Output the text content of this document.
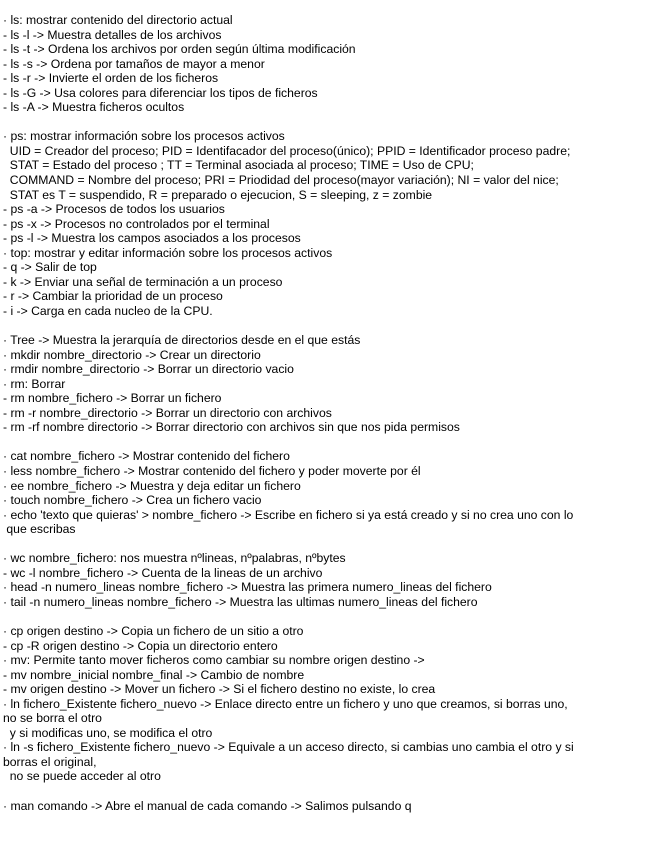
· ls: mostrar contenido del directorio actual

- ls -l -> Muestra detalles de los archivos

- ls -t -> Ordena los archivos por orden según última modificación

- ls -s -> Ordena por tamaños de mayor a menor

- ls -r -> Invierte el orden de los ficheros

- ls -G -> Usa colores para diferenciar los tipos de ficheros

- ls -A -> Muestra ficheros ocultos

· ps: mostrar información sobre los procesos activos

UID = Creador del proceso; PID = Identifacador del proceso(único); PPID = Identificador proceso padre;

STAT = Estado del proceso ; TT = Terminal asociada al proceso; TIME = Uso de CPU;

COMMAND = Nombre del proceso; PRI = Priodidad del proceso(mayor variación); NI = valor del nice;

STAT es T = suspendido, R = preparado o ejecucion, S = sleeping, z = zombie

- ps -a -> Procesos de todos los usuarios

- ps -x -> Procesos no controlados por el terminal

- ps -l -> Muestra los campos asociados a los procesos

· top: mostrar y editar información sobre los procesos activos

- q -> Salir de top

- k -> Enviar una señal de terminación a un proceso

- r -> Cambiar la prioridad de un proceso

- i -> Carga en cada nucleo de la CPU.

· Tree -> Muestra la jerarquía de directorios desde en el que estás

· mkdir nombre_directorio -> Crear un directorio

· rmdir nombre_directorio -> Borrar un directorio vacio

· rm: Borrar

- rm nombre_fichero -> Borrar un fichero

- rm -r nombre_directorio -> Borrar un directorio con archivos

- rm -rf nombre directorio -> Borrar directorio con archivos sin que nos pida permisos

· cat nombre_fichero -> Mostrar contenido del fichero

· less nombre_fichero -> Mostrar contenido del fichero y poder moverte por él

· ee nombre_fichero -> Muestra y deja editar un fichero

· touch nombre_fichero -> Crea un fichero vacio

· echo 'texto que quieras' > nombre_fichero -> Escribe en fichero si ya está creado y si no crea uno con lo

que escribas

· wc nombre_fichero: nos muestra nºlineas, nºpalabras, nºbytes

- wc -l nombre_fichero -> Cuenta de la lineas de un archivo

· head -n numero_lineas nombre_fichero -> Muestra las primera numero_lineas del fichero

· tail -n numero_lineas nombre_fichero -> Muestra las ultimas numero_lineas del fichero

· cp origen destino -> Copia un fichero de un sitio a otro

- cp -R origen destino -> Copia un directorio entero

· mv: Permite tanto mover ficheros como cambiar su nombre origen destino ->

- mv nombre_inicial nombre_final -> Cambio de nombre

- mv origen destino -> Mover un fichero -> Si el fichero destino no existe, lo crea

· ln fichero_Existente fichero_nuevo -> Enlace directo entre un fichero y uno que creamos, si borras uno,

no se borra el otro

y si modificas uno, se modifica el otro

· ln -s fichero_Existente fichero_nuevo -> Equivale a un acceso directo, si cambias uno cambia el otro y si

borras el original,

no se puede acceder al otro

· man comando -> Abre el manual de cada comando -> Salimos pulsando q
